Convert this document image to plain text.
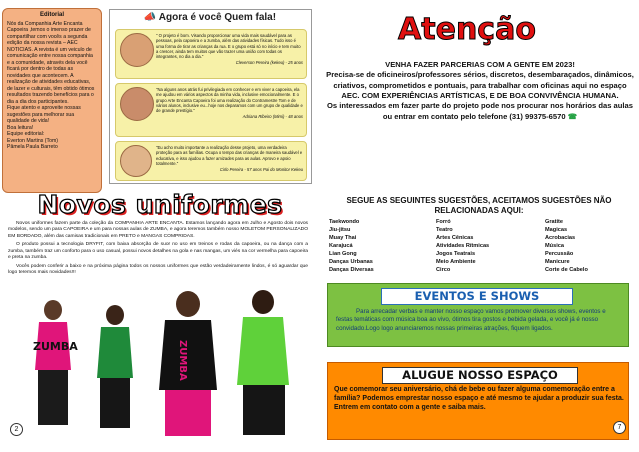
Editorial

Nós da Companhia Arte Encanta Capoeira ,temos o imenso prazer de compartilhar com vocês a segunda edição da nossa revista – AEC NOTICIAS. A revista é um veiculo de comunicação entre nossa companhia e a comunidade, através dela você ficará por dentro de todas as novidades que acontecem. A realização de atividades educativas, de lazer e culturais, têm obtido ótimos resultados trazendo benefícios para o dia a dia dos participantes.

Fique atento e aproveite nossas sugestões para melhorar sua qualidade de vida!

Boa leitura!

Equipe editorial:

Everton Martins (Tom)

Pâmela Paula Barreto

📣 Agora é você Quem fala!
" O projeto é bom. Visando proporcionar uma vida mais saudável para as pessoas, pela capoeira e a zumba, além das atividades físicas. Tudo isso é uma forma de tirar as crianças da rua. E o grupo está só no início e tem muito a crescer, ainda tem muitos que vão trazer uma união com todas os integrantes, no dia a dia."
Cleverson Pereira (kekeu) - 25 anos
"Na alguns anos atrás fui privilegiada em conhecer e em viver a capoeira, ela me ajudou em vários aspectos da minha vida, inclusive emocionalmente. E o grupo Arte Encanta Capoeira foi uma realização do Contramestre Tom e de vários alunos, inclusive eu...hoje nos deparamos com um grupo de qualidade e de grande prestígio."
Adriana Ribeiro (Mimi) - 48 anos
"Eu acho muito importante a realização desse projeto, uma verdadeira proteção para as famílias. Ocupa o tempo das crianças de maneira saudável e educativa, e isso ajudou a fazer amizades para as aulas. Aprovo e apoio totalmente."
Cirlo Pereira - 57 anos Pai do Monitor Kekeu
Novos uniformes

Novos uniformes fazem parte da coleção da COMPANHIA ARTE ENCANTA. Estamos lançando agora em Julho e Agosto dois novos modelos, sendo um para CAPOEIRA e um para nossas aulas de ZUMBA, e agora teremos também nosso MOLETOM PERSONALIZADO EM BORDADO, além das camisas tradicionais em PRETO e MANGAS COMPRIDAS.

O produto possui a tecnologia DRYFIT, com baixa absorção de suor no uso em treinos e rodas da capoeira, ou na dança com a zumba, também traz um conforto para o uso casual, possui novos detalhes na gola e nas mangas, um viés na cor vermelha para capoeira e preta na zumba.

Vocês podem conferir a baixo e na próxima página todos os nossos uniformes que estão verdadeiramente lindos, é só aguardar que logo teremos mais novidades!!!

ZUMBA	ZUMBA
2
Atenção

VENHA FAZER PARCERIAS COM A GENTE EM 2023!

Precisa-se de oficineiros/professores sérios, discretos, desembaraçados, dinâmicos, criativos, comprometidos e pontuais, para trabalhar com oficinas aqui no espaço AEC. COM EXPERIÊNCIAS ARTÍSTICAS, E DE BOA CONVIVÊNCIA HUMANA.

Os interessados em fazer parte do projeto pode nos procurar nos horários das aulas ou entrar em contato pelo telefone (31) 99375-6570 ☎

SEGUE AS SEGUINTES SUGESTÕES, ACEITAMOS SUGESTÕES NÃO RELACIONADAS AQUI:
Taekwondo
Jiu-jitsu
Muay Thai
Karajucá
Lian Gong
Danças Urbanas
Danças Diversas
Forró
Teatro
Artes Cênicas
Atividades Rítmicas
Jogos Teatrais
Meio Ambiente
Circo
Gratite
Magicas
Acrobacias
Música
Percussão
Manicure
Corte de Cabelo
EVENTOS E SHOWS
Para arrecadar verbas e manter nosso espaço vamos promover diversos shows, eventos e festas temáticas com música boa ao vivo, ótimos tira gostos e bebida gelada, e você já é nosso convidado.Logo logo anunciaremos nossas primeiras atrações, fiquem ligados.
ALUGUE NOSSO ESPAÇO
Que comemorar seu aniversário, chá de bebe ou fazer alguma comemoração entre a família? Podemos emprestar nosso espaço e até mesmo te ajudar a produzir sua festa. Entrem em contato com a gente e saiba mais.
7
